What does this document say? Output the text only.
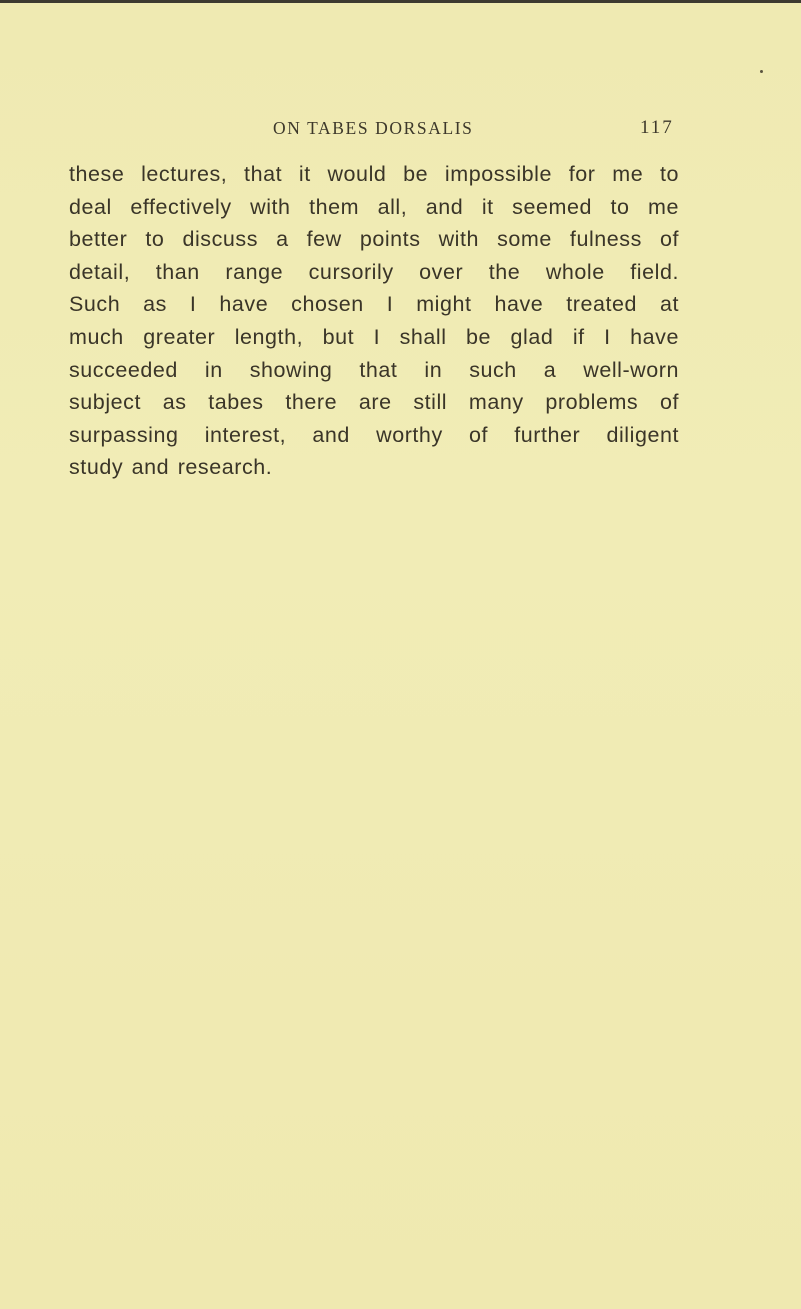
ON TABES DORSALIS	117
these lectures, that it would be impossible for me to
deal effectively with them all, and it seemed to me
better to discuss a few points with some fulness of
detail, than range cursorily over the whole field.
Such as I have chosen I might have treated at
much greater length, but I shall be glad if I have
succeeded in showing that in such a well-worn
subject as tabes there are still many problems of
surpassing interest, and worthy of further diligent
study and research.
